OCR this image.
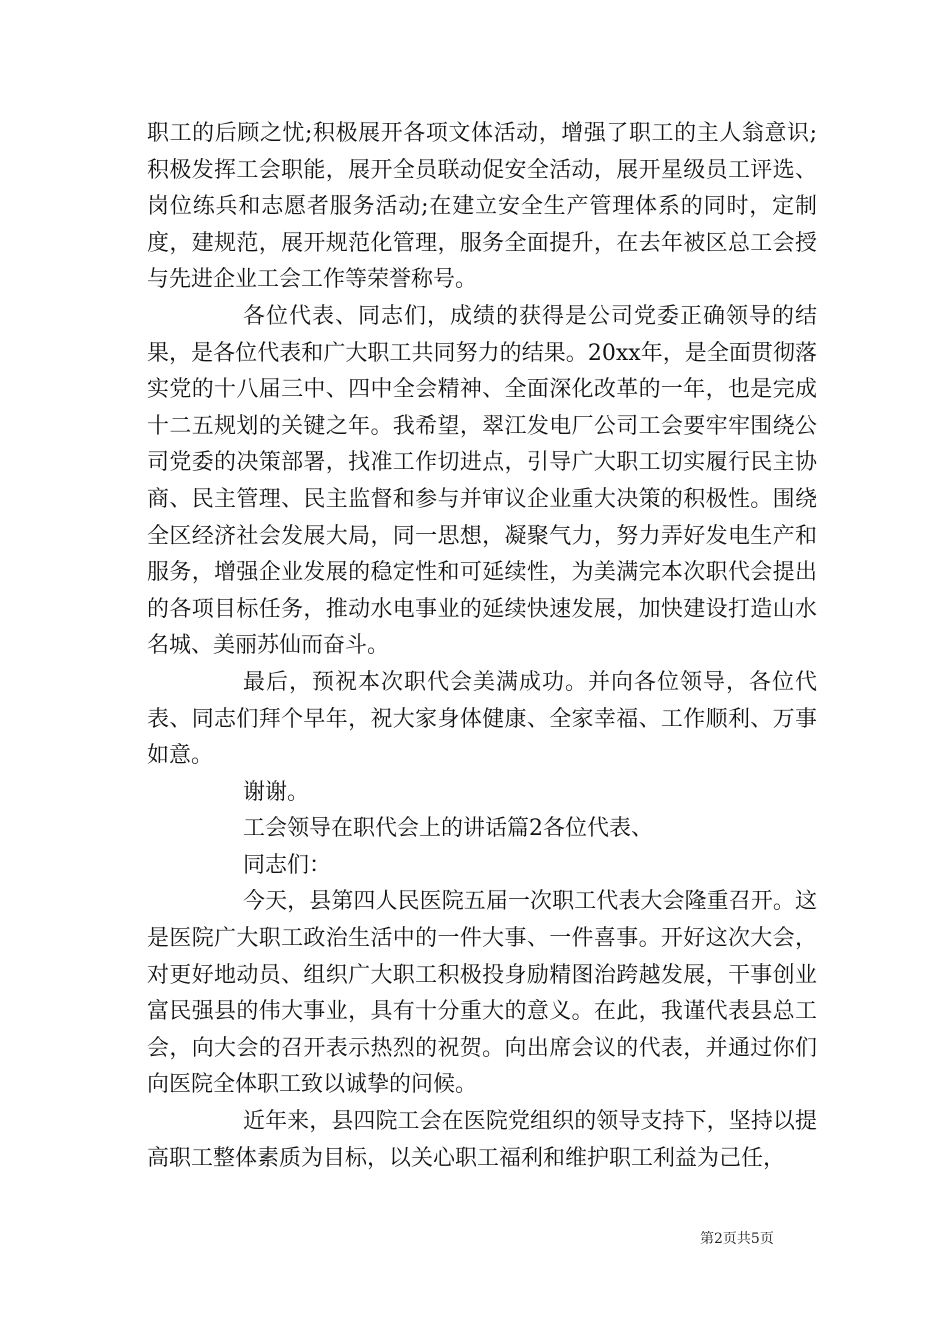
职工的后顾之忧;积极展开各项文体活动，增强了职工的主人翁意识;积极发挥工会职能，展开全员联动促安全活动，展开星级员工评选、岗位练兵和志愿者服务活动;在建立安全生产管理体系的同时，定制度，建规范，展开规范化管理，服务全面提升，在去年被区总工会授与先进企业工会工作等荣誉称号。

各位代表、同志们，成绩的获得是公司党委正确领导的结果，是各位代表和广大职工共同努力的结果。20xx年，是全面贯彻落实党的十八届三中、四中全会精神、全面深化改革的一年，也是完成十二五规划的关键之年。我希望，翠江发电厂公司工会要牢牢围绕公司党委的决策部署，找准工作切进点，引导广大职工切实履行民主协商、民主管理、民主监督和参与并审议企业重大决策的积极性。围绕全区经济社会发展大局，同一思想，凝聚气力，努力弄好发电生产和服务，增强企业发展的稳定性和可延续性，为美满完本次职代会提出的各项目标任务，推动水电事业的延续快速发展，加快建设打造山水名城、美丽苏仙而奋斗。

最后，预祝本次职代会美满成功。并向各位领导，各位代表、同志们拜个早年，祝大家身体健康、全家幸福、工作顺利、万事如意。

谢谢。

工会领导在职代会上的讲话篇2各位代表、

同志们：

今天，县第四人民医院五届一次职工代表大会隆重召开。这是医院广大职工政治生活中的一件大事、一件喜事。开好这次大会，对更好地动员、组织广大职工积极投身励精图治跨越发展，干事创业富民强县的伟大事业，具有十分重大的意义。在此，我谨代表县总工会，向大会的召开表示热烈的祝贺。向出席会议的代表，并通过你们向医院全体职工致以诚挚的问候。

近年来，县四院工会在医院党组织的领导支持下，坚持以提高职工整体素质为目标，以关心职工福利和维护职工利益为己任，

第2页共5页
